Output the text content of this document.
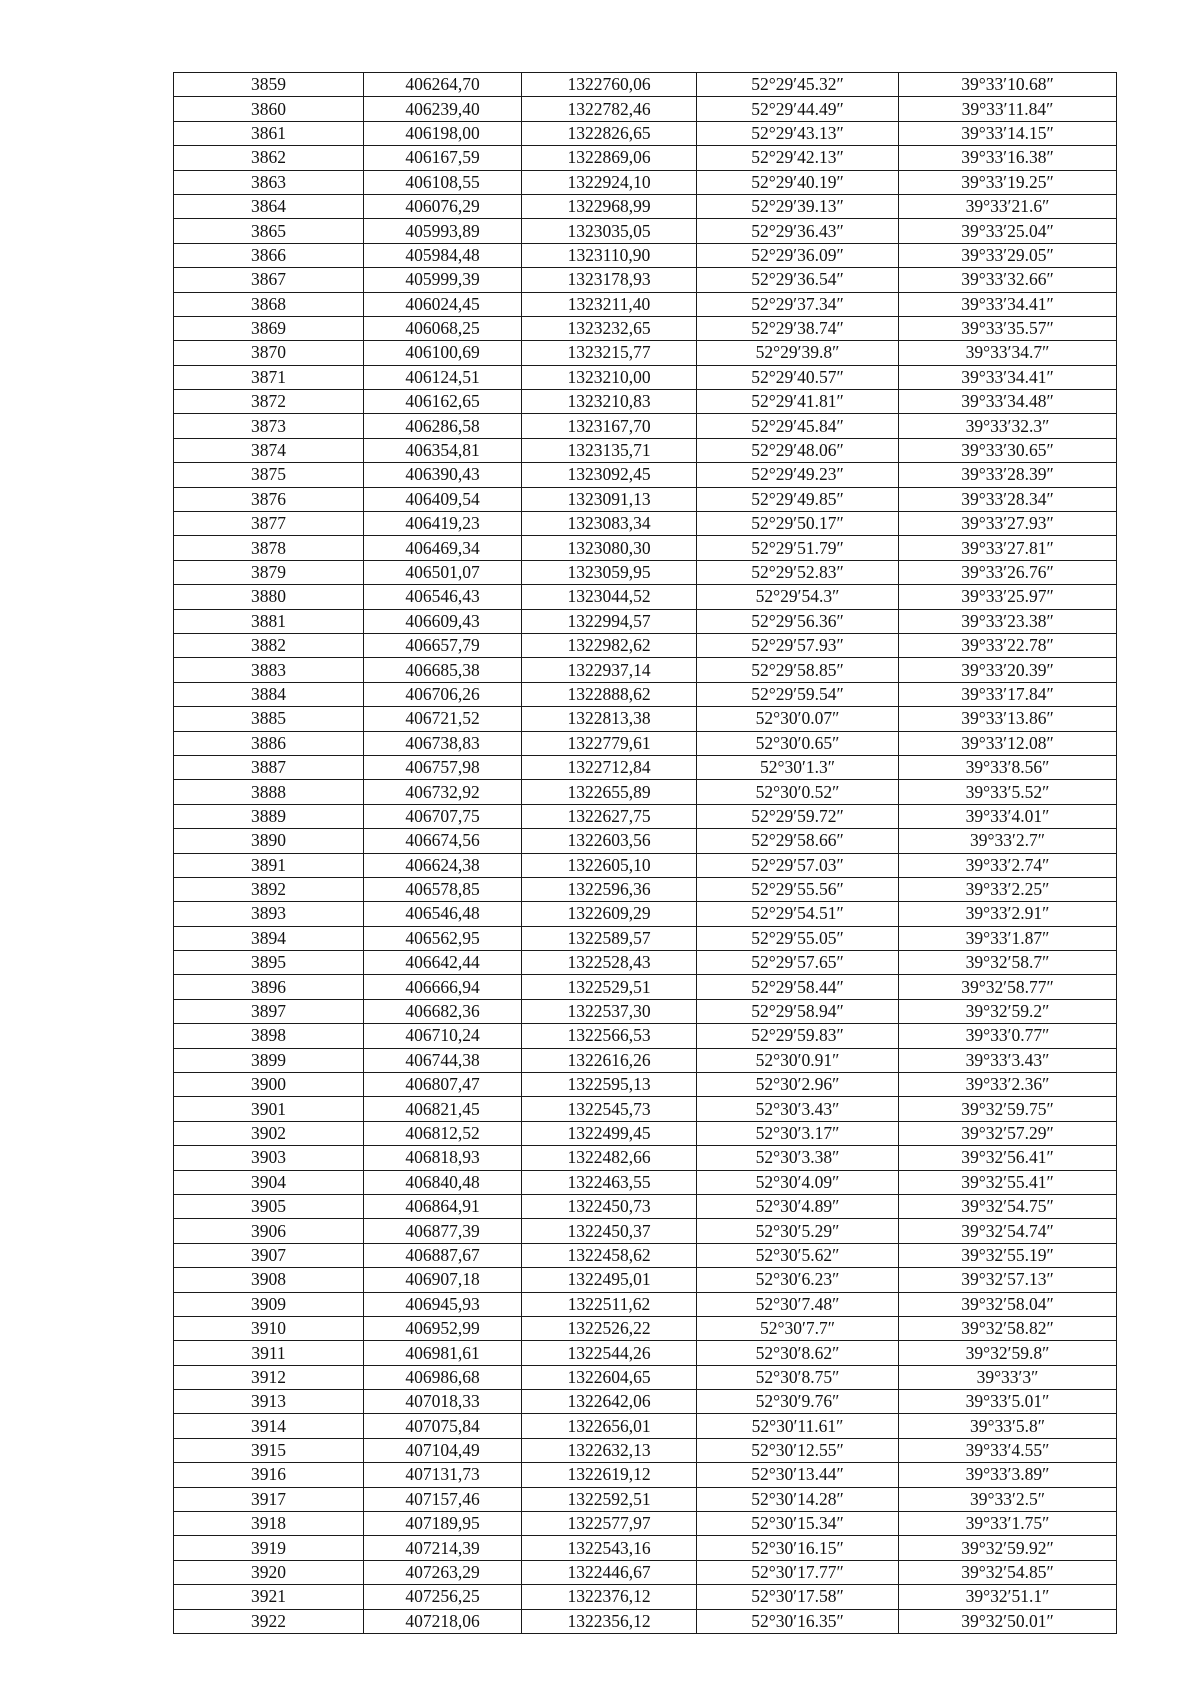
3859	406264,70	1322760,06	52°29′45.32″	39°33′10.68″
3860	406239,40	1322782,46	52°29′44.49″	39°33′11.84″
3861	406198,00	1322826,65	52°29′43.13″	39°33′14.15″
3862	406167,59	1322869,06	52°29′42.13″	39°33′16.38″
3863	406108,55	1322924,10	52°29′40.19″	39°33′19.25″
3864	406076,29	1322968,99	52°29′39.13″	39°33′21.6″
3865	405993,89	1323035,05	52°29′36.43″	39°33′25.04″
3866	405984,48	1323110,90	52°29′36.09″	39°33′29.05″
3867	405999,39	1323178,93	52°29′36.54″	39°33′32.66″
3868	406024,45	1323211,40	52°29′37.34″	39°33′34.41″
3869	406068,25	1323232,65	52°29′38.74″	39°33′35.57″
3870	406100,69	1323215,77	52°29′39.8″	39°33′34.7″
3871	406124,51	1323210,00	52°29′40.57″	39°33′34.41″
3872	406162,65	1323210,83	52°29′41.81″	39°33′34.48″
3873	406286,58	1323167,70	52°29′45.84″	39°33′32.3″
3874	406354,81	1323135,71	52°29′48.06″	39°33′30.65″
3875	406390,43	1323092,45	52°29′49.23″	39°33′28.39″
3876	406409,54	1323091,13	52°29′49.85″	39°33′28.34″
3877	406419,23	1323083,34	52°29′50.17″	39°33′27.93″
3878	406469,34	1323080,30	52°29′51.79″	39°33′27.81″
3879	406501,07	1323059,95	52°29′52.83″	39°33′26.76″
3880	406546,43	1323044,52	52°29′54.3″	39°33′25.97″
3881	406609,43	1322994,57	52°29′56.36″	39°33′23.38″
3882	406657,79	1322982,62	52°29′57.93″	39°33′22.78″
3883	406685,38	1322937,14	52°29′58.85″	39°33′20.39″
3884	406706,26	1322888,62	52°29′59.54″	39°33′17.84″
3885	406721,52	1322813,38	52°30′0.07″	39°33′13.86″
3886	406738,83	1322779,61	52°30′0.65″	39°33′12.08″
3887	406757,98	1322712,84	52°30′1.3″	39°33′8.56″
3888	406732,92	1322655,89	52°30′0.52″	39°33′5.52″
3889	406707,75	1322627,75	52°29′59.72″	39°33′4.01″
3890	406674,56	1322603,56	52°29′58.66″	39°33′2.7″
3891	406624,38	1322605,10	52°29′57.03″	39°33′2.74″
3892	406578,85	1322596,36	52°29′55.56″	39°33′2.25″
3893	406546,48	1322609,29	52°29′54.51″	39°33′2.91″
3894	406562,95	1322589,57	52°29′55.05″	39°33′1.87″
3895	406642,44	1322528,43	52°29′57.65″	39°32′58.7″
3896	406666,94	1322529,51	52°29′58.44″	39°32′58.77″
3897	406682,36	1322537,30	52°29′58.94″	39°32′59.2″
3898	406710,24	1322566,53	52°29′59.83″	39°33′0.77″
3899	406744,38	1322616,26	52°30′0.91″	39°33′3.43″
3900	406807,47	1322595,13	52°30′2.96″	39°33′2.36″
3901	406821,45	1322545,73	52°30′3.43″	39°32′59.75″
3902	406812,52	1322499,45	52°30′3.17″	39°32′57.29″
3903	406818,93	1322482,66	52°30′3.38″	39°32′56.41″
3904	406840,48	1322463,55	52°30′4.09″	39°32′55.41″
3905	406864,91	1322450,73	52°30′4.89″	39°32′54.75″
3906	406877,39	1322450,37	52°30′5.29″	39°32′54.74″
3907	406887,67	1322458,62	52°30′5.62″	39°32′55.19″
3908	406907,18	1322495,01	52°30′6.23″	39°32′57.13″
3909	406945,93	1322511,62	52°30′7.48″	39°32′58.04″
3910	406952,99	1322526,22	52°30′7.7″	39°32′58.82″
3911	406981,61	1322544,26	52°30′8.62″	39°32′59.8″
3912	406986,68	1322604,65	52°30′8.75″	39°33′3″
3913	407018,33	1322642,06	52°30′9.76″	39°33′5.01″
3914	407075,84	1322656,01	52°30′11.61″	39°33′5.8″
3915	407104,49	1322632,13	52°30′12.55″	39°33′4.55″
3916	407131,73	1322619,12	52°30′13.44″	39°33′3.89″
3917	407157,46	1322592,51	52°30′14.28″	39°33′2.5″
3918	407189,95	1322577,97	52°30′15.34″	39°33′1.75″
3919	407214,39	1322543,16	52°30′16.15″	39°32′59.92″
3920	407263,29	1322446,67	52°30′17.77″	39°32′54.85″
3921	407256,25	1322376,12	52°30′17.58″	39°32′51.1″
3922	407218,06	1322356,12	52°30′16.35″	39°32′50.01″
